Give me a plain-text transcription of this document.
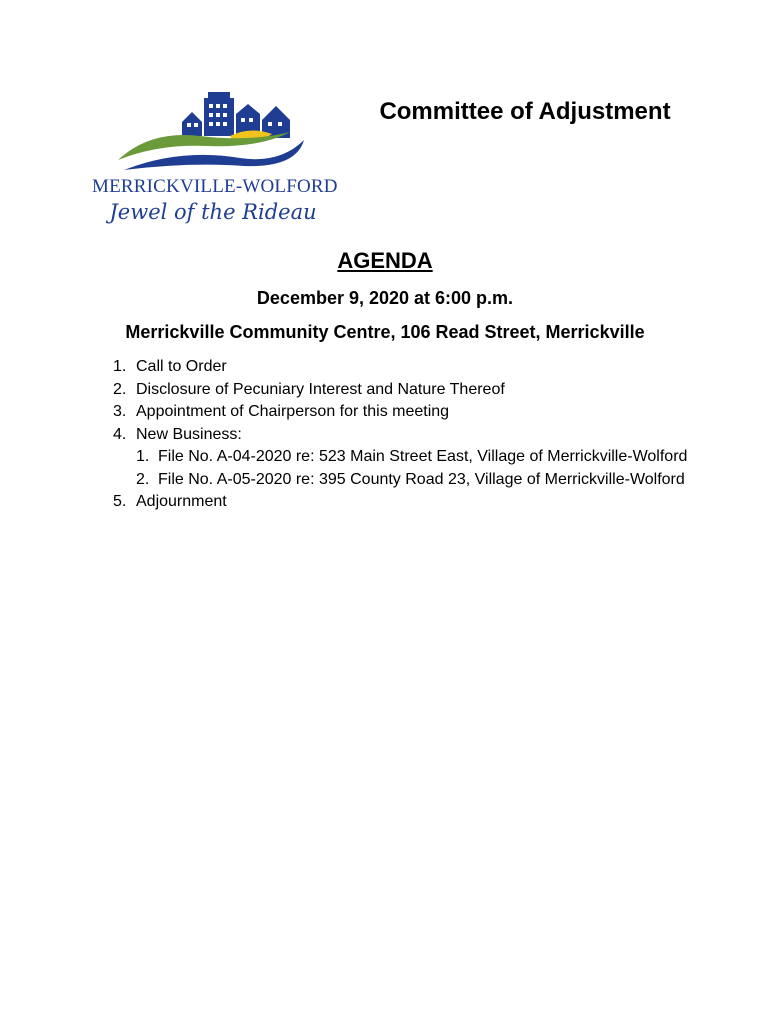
MERRICKVILLE-WOLFORD
Jewel of the Rideau
Committee of Adjustment
AGENDA
December 9, 2020 at 6:00 p.m.
Merrickville Community Centre, 106 Read Street, Merrickville
1. Call to Order
2. Disclosure of Pecuniary Interest and Nature Thereof
3. Appointment of Chairperson for this meeting
4. New Business:
1. File No. A-04-2020 re: 523 Main Street East, Village of Merrickville-Wolford
2. File No. A-05-2020 re: 395 County Road 23, Village of Merrickville-Wolford
5. Adjournment
